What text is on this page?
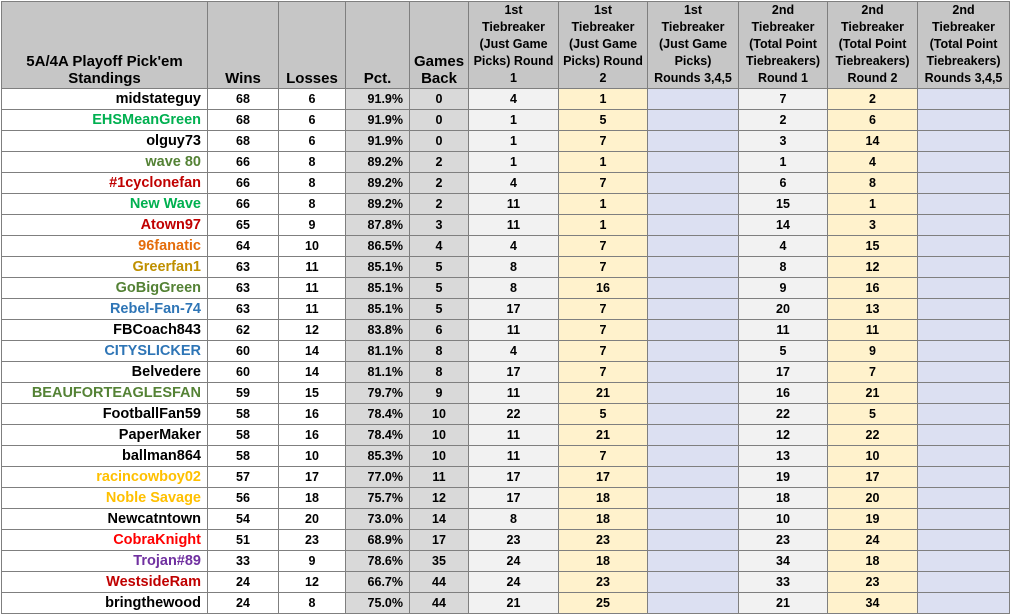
5A/4A Playoff Pick'em Standings	Wins	Losses	Pct.	Games Back	1st Tiebreaker (Just Game Picks) Round 1	1st Tiebreaker (Just Game Picks) Round 2	1st Tiebreaker (Just Game Picks) Rounds 3,4,5	2nd Tiebreaker (Total Point Tiebreakers) Round 1	2nd Tiebreaker (Total Point Tiebreakers) Round 2	2nd Tiebreaker (Total Point Tiebreakers) Rounds 3,4,5
midstateguy	68	6	91.9%	0	4	1		7	2	
EHSMeanGreen	68	6	91.9%	0	1	5		2	6	
olguy73	68	6	91.9%	0	1	7		3	14	
wave 80	66	8	89.2%	2	1	1		1	4	
#1cyclonefan	66	8	89.2%	2	4	7		6	8	
New Wave	66	8	89.2%	2	11	1		15	1	
Atown97	65	9	87.8%	3	11	1		14	3	
96fanatic	64	10	86.5%	4	4	7		4	15	
Greerfan1	63	11	85.1%	5	8	7		8	12	
GoBigGreen	63	11	85.1%	5	8	16		9	16	
Rebel-Fan-74	63	11	85.1%	5	17	7		20	13	
FBCoach843	62	12	83.8%	6	11	7		11	11	
CITYSLICKER	60	14	81.1%	8	4	7		5	9	
Belvedere	60	14	81.1%	8	17	7		17	7	
BEAUFORTEAGLESFAN	59	15	79.7%	9	11	21		16	21	
FootballFan59	58	16	78.4%	10	22	5		22	5	
PaperMaker	58	16	78.4%	10	11	21		12	22	
ballman864	58	10	85.3%	10	11	7		13	10	
racincowboy02	57	17	77.0%	11	17	17		19	17	
Noble Savage	56	18	75.7%	12	17	18		18	20	
Newcatntown	54	20	73.0%	14	8	18		10	19	
CobraKnight	51	23	68.9%	17	23	23		23	24	
Trojan#89	33	9	78.6%	35	24	18		34	18	
WestsideRam	24	12	66.7%	44	24	23		33	23	
bringthewood	24	8	75.0%	44	21	25		21	34	
